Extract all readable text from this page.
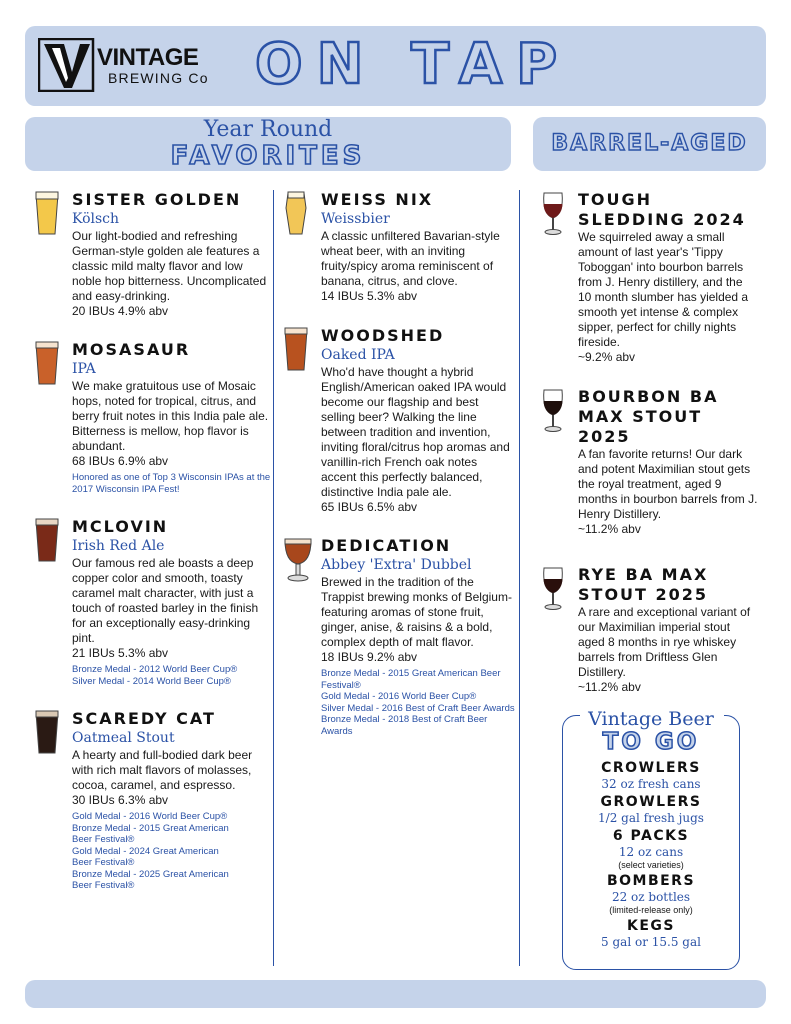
VINTAGE
BREWING Co ON TAP
Year Round
FAVORITES	BARREL-AGED
SISTER GOLDEN
Kölsch
Our light-bodied and refreshing German-style golden ale features a classic mild malty flavor and low noble hop bitterness. Uncomplicated and easy-drinking.
20 IBUs 4.9% abv
MOSASAUR
IPA
We make gratuitous use of Mosaic hops, noted for tropical, citrus, and berry fruit notes in this India pale ale. Bitterness is mellow, hop flavor is abundant.
68 IBUs 6.9% abv
Honored as one of Top 3 Wisconsin IPAs at the 2017 Wisconsin IPA Fest!
MCLOVIN
Irish Red Ale
Our famous red ale boasts a deep copper color and smooth, toasty caramel malt character, with just a touch of roasted barley in the finish for an exceptionally easy-drinking pint.
21 IBUs 5.3% abv
Bronze Medal - 2012 World Beer Cup®
Silver Medal - 2014 World Beer Cup®
SCAREDY CAT
Oatmeal Stout
A hearty and full-bodied dark beer with rich malt flavors of molasses, cocoa, caramel, and espresso.
30 IBUs 6.3% abv
Gold Medal - 2016 World Beer Cup®
Bronze Medal - 2015 Great American Beer Festival®
Gold Medal - 2024 Great American Beer Festival®
Bronze Medal - 2025 Great American Beer Festival®
WEISS NIX
Weissbier
A classic unfiltered Bavarian-style wheat beer, with an inviting fruity/spicy aroma reminiscent of banana, citrus, and clove.
14 IBUs 5.3% abv
WOODSHED
Oaked IPA
Who'd have thought a hybrid English/American oaked IPA would become our flagship and best selling beer? Walking the line between tradition and invention, inviting floral/citrus hop aromas and vanillin-rich French oak notes accent this perfectly balanced, distinctive India pale ale.
65 IBUs 6.5% abv
DEDICATION
Abbey 'Extra' Dubbel
Brewed in the tradition of the Trappist brewing monks of Belgium- featuring aromas of stone fruit, ginger, anise, & raisins & a bold, complex depth of malt flavor.
18 IBUs 9.2% abv
Bronze Medal - 2015 Great American Beer Festival®
Gold Medal - 2016 World Beer Cup®
Silver Medal - 2016 Best of Craft Beer Awards
Bronze Medal - 2018 Best of Craft Beer Awards
TOUGH
SLEDDING 2024
We squirreled away a small amount of last year's 'Tippy Toboggan' into bourbon barrels from J. Henry distillery, and the 10 month slumber has yielded a smooth yet intense & complex sipper, perfect for chilly nights fireside.
~9.2% abv
BOURBON BA
MAX STOUT
2025
A fan favorite returns! Our dark and potent Maximilian stout gets the royal treatment, aged 9 months in bourbon barrels from J. Henry Distillery.
~11.2% abv
RYE BA MAX
STOUT 2025
A rare and exceptional variant of our Maximilian imperial stout aged 8 months in rye whiskey barrels from Driftless Glen Distillery.
~11.2% abv
Vintage Beer
TO GO
CROWLERS
32 oz fresh cans
GROWLERS
1/2 gal fresh jugs
6 PACKS
12 oz cans
(select varieties)
BOMBERS
22 oz bottles
(limited-release only)
KEGS
5 gal or 15.5 gal
